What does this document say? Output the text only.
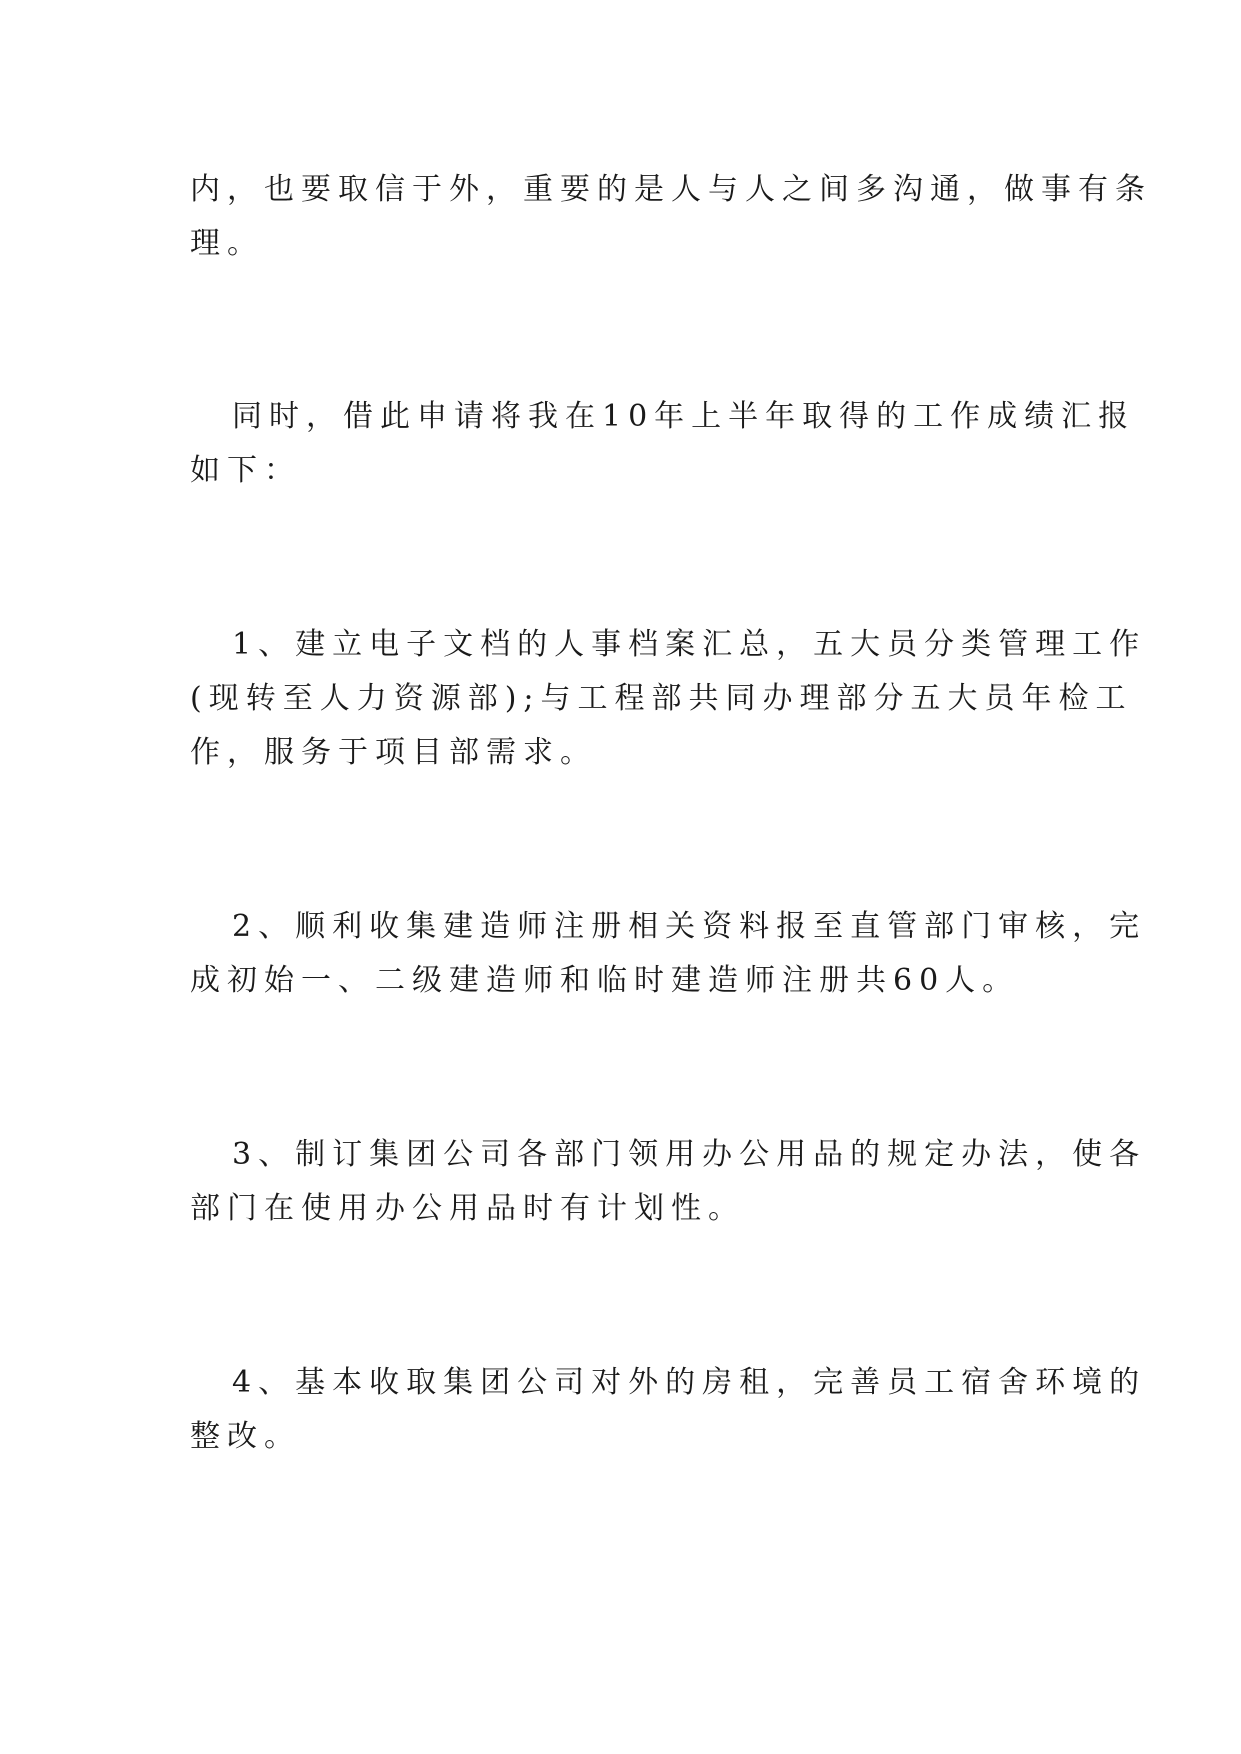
内，也要取信于外，重要的是人与人之间多沟通，做事有条

理。

同时，借此申请将我在10年上半年取得的工作成绩汇报

如下：

1、建立电子文档的人事档案汇总，五大员分类管理工作

(现转至人力资源部);与工程部共同办理部分五大员年检工

作，服务于项目部需求。

2、顺利收集建造师注册相关资料报至直管部门审核，完

成初始一、二级建造师和临时建造师注册共60人。

3、制订集团公司各部门领用办公用品的规定办法，使各

部门在使用办公用品时有计划性。

4、基本收取集团公司对外的房租，完善员工宿舍环境的

整改。
